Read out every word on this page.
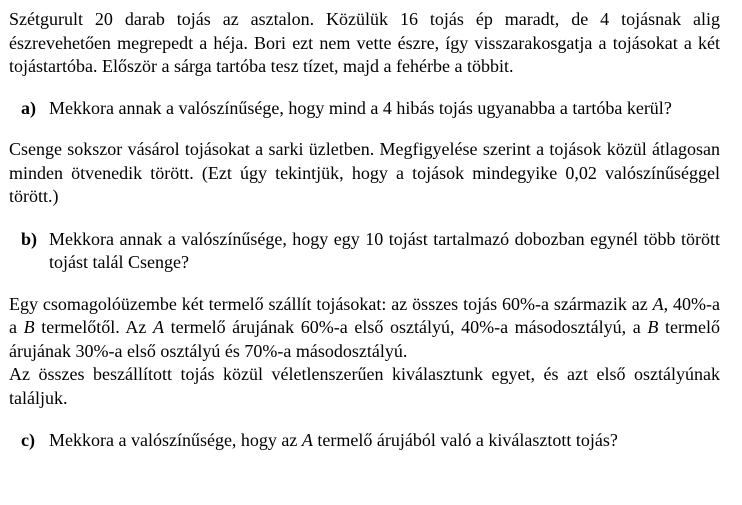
Szétgurult 20 darab tojás az asztalon. Közülük 16 tojás ép maradt, de 4 tojásnak alig észrevehetően megrepedt a héja. Bori ezt nem vette észre, így visszarakosgatja a tojásokat a két tojástartóba. Először a sárga tartóba tesz tízet, majd a fehérbe a többit.

a) Mekkora annak a valószínűsége, hogy mind a 4 hibás tojás ugyanabba a tartóba kerül?

Csenge sokszor vásárol tojásokat a sarki üzletben. Megfigyelése szerint a tojások közül átlagosan minden ötvenedik törött. (Ezt úgy tekintjük, hogy a tojások mindegyike 0,02 valószínűséggel törött.)

b) Mekkora annak a valószínűsége, hogy egy 10 tojást tartalmazó dobozban egynél több törött tojást talál Csenge?

Egy csomagolóüzembe két termelő szállít tojásokat: az összes tojás 60%-a származik az A, 40%-a a B termelőtől. Az A termelő árujának 60%-a első osztályú, 40%-a másodosztályú, a B termelő árujának 30%-a első osztályú és 70%-a másodosztályú.

Az összes beszállított tojás közül véletlenszerűen kiválasztunk egyet, és azt első osztályúnak találjuk.

c) Mekkora a valószínűsége, hogy az A termelő árujából való a kiválasztott tojás?
